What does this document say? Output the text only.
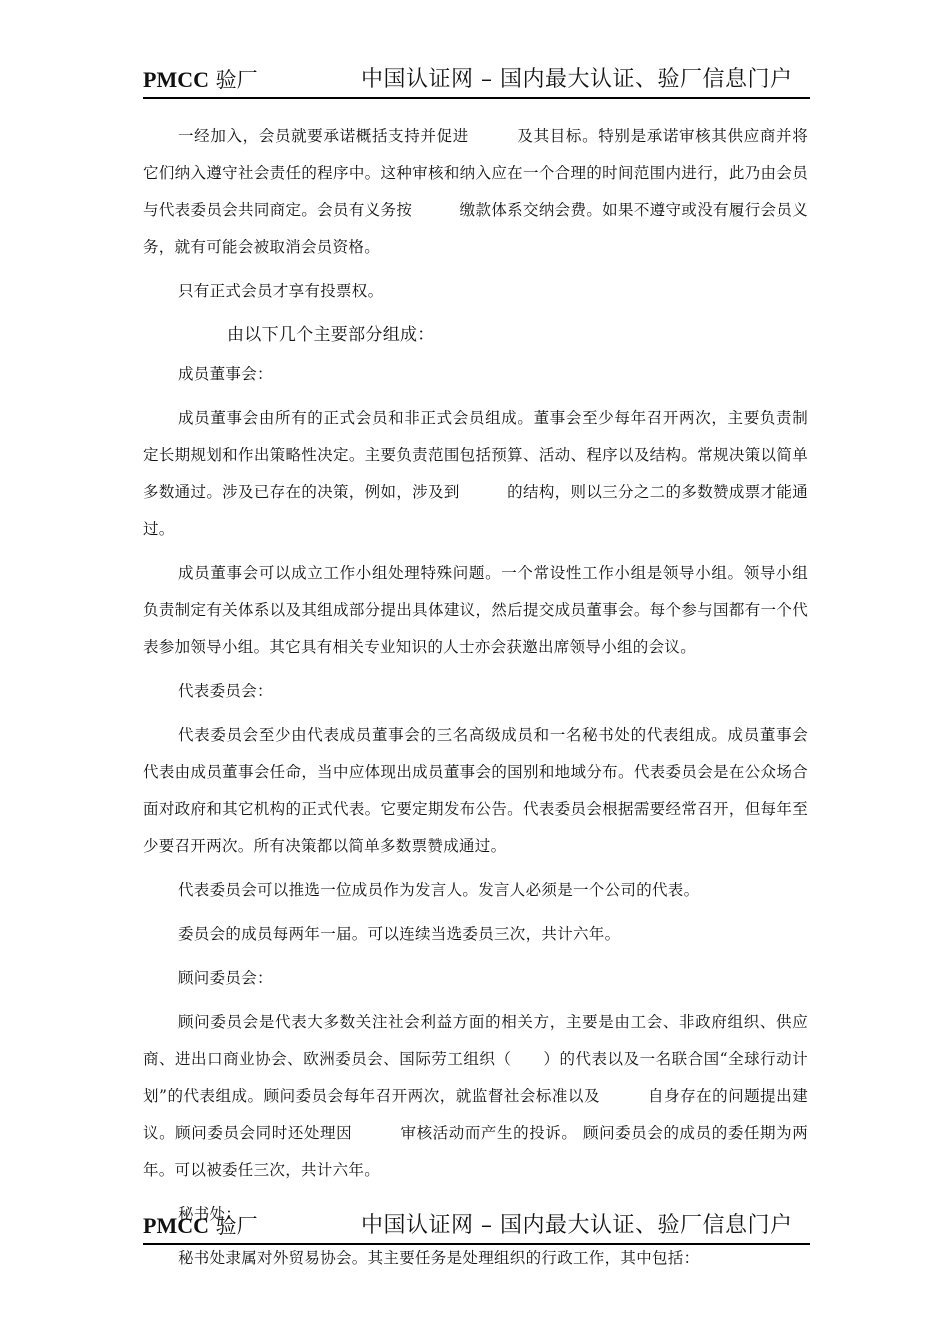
PMCC 验厂	中国认证网 – 国内最大认证、验厂信息门户

一经加入，会员就要承诺概括支持并促进　　　及其目标。特别是承诺审核其供应商并将它们纳入遵守社会责任的程序中。这种审核和纳入应在一个合理的时间范围内进行，此乃由会员与代表委员会共同商定。会员有义务按　　　缴款体系交纳会费。如果不遵守或没有履行会员义务，就有可能会被取消会员资格。

只有正式会员才享有投票权。

由以下几个主要部分组成：

成员董事会：

成员董事会由所有的正式会员和非正式会员组成。董事会至少每年召开两次，主要负责制定长期规划和作出策略性决定。主要负责范围包括预算、活动、程序以及结构。常规决策以简单多数通过。涉及已存在的决策，例如，涉及到　　　的结构，则以三分之二的多数赞成票才能通过。

成员董事会可以成立工作小组处理特殊问题。一个常设性工作小组是领导小组。领导小组负责制定有关体系以及其组成部分提出具体建议，然后提交成员董事会。每个参与国都有一个代表参加领导小组。其它具有相关专业知识的人士亦会获邀出席领导小组的会议。

代表委员会：

代表委员会至少由代表成员董事会的三名高级成员和一名秘书处的代表组成。成员董事会代表由成员董事会任命，当中应体现出成员董事会的国别和地域分布。代表委员会是在公众场合面对政府和其它机构的正式代表。它要定期发布公告。代表委员会根据需要经常召开，但每年至少要召开两次。所有决策都以简单多数票赞成通过。

代表委员会可以推选一位成员作为发言人。发言人必须是一个公司的代表。

委员会的成员每两年一届。可以连续当选委员三次，共计六年。

顾问委员会：

顾问委员会是代表大多数关注社会利益方面的相关方，主要是由工会、非政府组织、供应商、进出口商业协会、欧洲委员会、国际劳工组织（　　）的代表以及一名联合国“全球行动计划”的代表组成。顾问委员会每年召开两次，就监督社会标准以及　　　自身存在的问题提出建议。顾问委员会同时还处理因　　　审核活动而产生的投诉。 顾问委员会的成员的委任期为两年。可以被委任三次，共计六年。

秘书处：

秘书处隶属对外贸易协会。其主要任务是处理组织的行政工作，其中包括：

PMCC 验厂	中国认证网 – 国内最大认证、验厂信息门户
